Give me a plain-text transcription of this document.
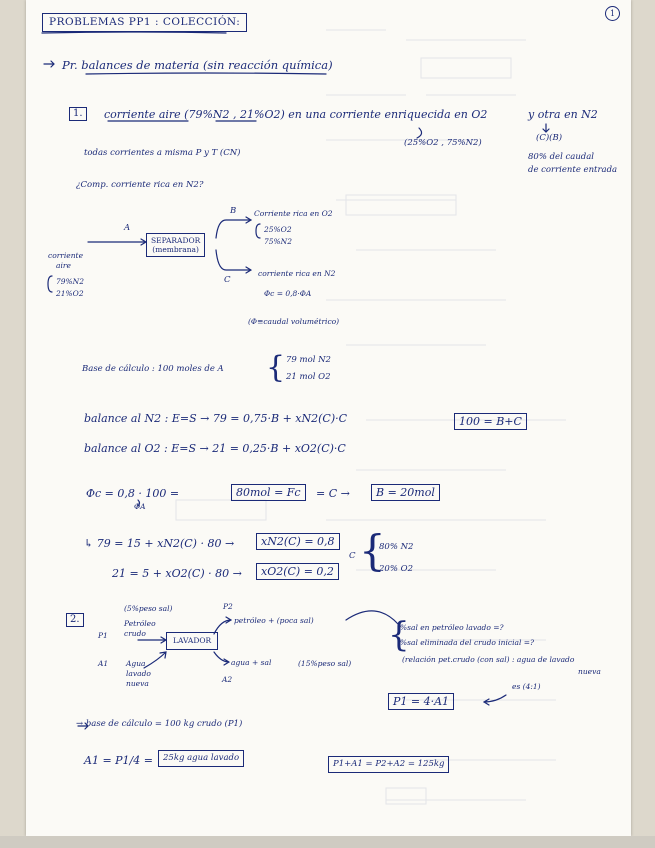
PROBLEMAS PP1 : COLECCIÓN:
1
Pr. balances de materia (sin reacción química)
1.	corriente aire (79%N2 , 21%O2) en una corriente enriquecida en O2	y otra en N2
(25%O2 , 75%N2)	(C)(B)
80% del caudal
de corriente entrada
todas corrientes a misma P y T (CN)
¿Comp. corriente rica en N2?
A
B
C
SEPARADOR
(membrana)
corriente
aire
79%N2
21%O2
Corriente rica en O2
25%O2
75%N2
corriente rica en N2
Φc = 0,8·ΦA
(Φ≡caudal volumétrico)
Base de cálculo : 100 moles de A { 79 mol N2
21 mol O2
balance al N2 : E=S → 79 = 0,75·B + xN2(C)·C
balance al O2 : E=S → 21 = 0,25·B + xO2(C)·C
100 = B+C
Φc = 0,8 · 100 =
ΦA
80mol = Fc	= C →	B = 20mol
↳ 79 = 15 + xN2(C) · 80 →	xN2(C) = 0,8
21 = 5 + xO2(C) · 80 →	xO2(C) = 0,2
C {
80% N2
20% O2
2.
(5%peso sal)
P1
Petróleo
crudo
A1 Agua
lavado
nueva
LAVADOR
P2
petróleo + (poca sal)
A2
agua + sal	(15%peso sal)
{
%sal en petróleo lavado =?
%sal eliminada del crudo inicial =?
(relación pet.crudo (con sal) : agua de lavado
nueva
es (4:1)
P1 = 4·A1
→ base de cálculo = 100 kg crudo (P1)
A1 = P1/4 =	25kg agua lavado
P1+A1 = P2+A2 = 125kg
